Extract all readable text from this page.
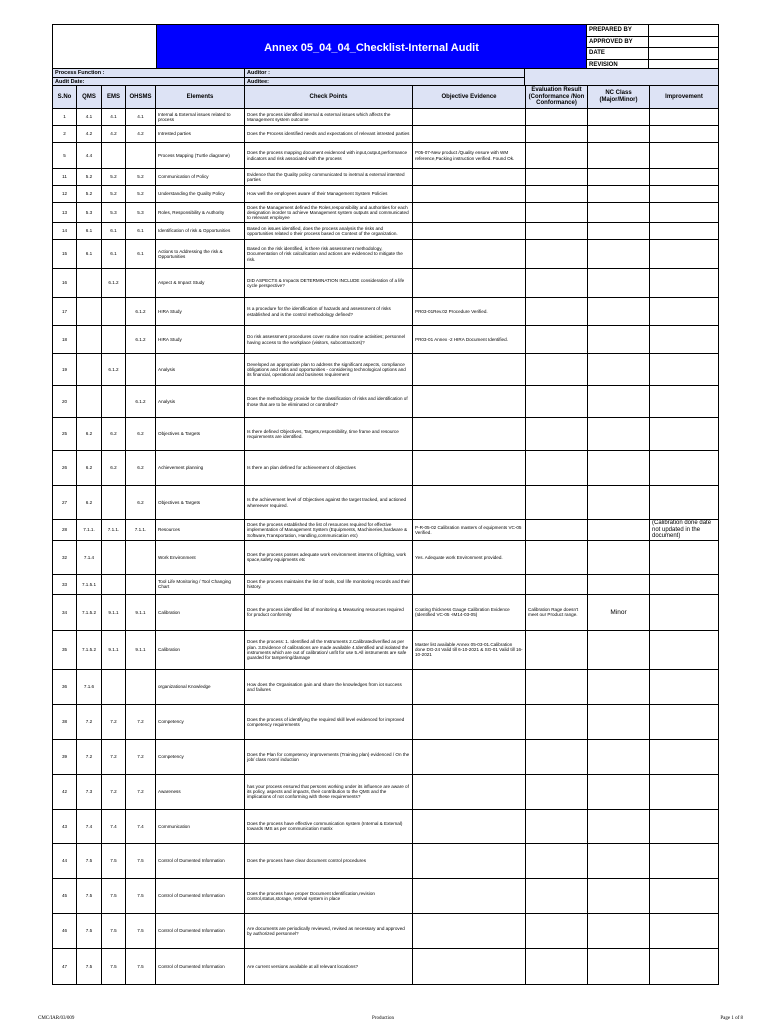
	Annex 05_04_04_Checklist-Internal Audit	PREPARED BY	
		APPROVED BY	
		DATE	
		REVISION	
Process Function :	Auditor :	
Audit Date:	Auditee:	
S.No	QMS	EMS	OHSMS	Elements	Check Points	Objective Evidence	Evaluation Result (Conformance /Non Conformance)	NC Class (Major/Minor)	Improvement
1	4.1	4.1	4.1	Internal & External issues related to process	Does the process identified internal & external issues which affects the Management system outcome				
2	4.2	4.2	4.2	Intrested parties	Does the Process identified needs and expectations of relevant intrested parties				
5	4.4			Process Mapping (Turtle diagrame)	Does the process mapping document evidenced with input,output,performance indicators and risk associated with the process	P05-07-New product /Quality ensure with WM reference,Packing instruction verified. Found Ok.			
11	5.2	5.2	5.2	Communication of Policy	Evidence that the Quality policy communicated to inetrnal & external intersted parties				
12	5.2	5.2	5.2	Understanding the Quality Policy	How well the employees aware of their Management System Policies				
13	5.3	5.3	5.3	Roles, Responsibility & Authority	Does the Management defined the Roles,responsibility and authorities for each designation inorder to achieve Management system outputs and communicated to relevant employee				
14	6.1	6.1	6.1	Identification of risk & Opportunities	Based on issues identified, does the process analysis the risks and opportunities related o their process based on Context of the organization.				
15	6.1	6.1	6.1	Actions to Addressing the risk & Opportunities	Based on the risk identified, is there risk assessment methodology, Documentation of risk calcullcation and actions are evidenced to mitigate the risk.				
16		6.1.2		Aspect & Impact Study	DID ASPECTS & Impacts DETERMINATION INCLUDE consideration of a life cycle perspective?				
17			6.1.2	HIRA Study	Is a procedure for the identification of hazards and assessment of risks established and is the control methodology defined?	PR03-01Rev.02 Procedure Verified.			
18			6.1.2	HIRA Study	Do risk assessment procedures cover routine non routine activities; personnel having access to the workplace (visitors, subcontractors)?	PR03-01 Annex -2 HIRA Document Identified.			
19		6.1.2		Analysis	Developed an appropriate plan to address the significant aspects, compliance obligations and risks and opportunities - considering technological options and its financial, operational and business requirement				
20			6.1.2	Analysis	Does the methodology provide for the classification of risks and identification of those that are to be eliminated or controlled?				
25	6.2	6.2	6.2	Objectives & Targets	Is there defined Objectives, Targets,responsibility, time frame and resource requirements are identified.				
26	6.2	6.2	6.2	Achievement planning	Is there an plan defined for achievement of objectives				
27	6.2		6.2	Objectives & Targets	Is the achievement level of Objectives against the target tracked, and actioned whereever required.				
28	7.1.1.	7.1.1.	7.1.1.	Resources	Does the process established the list of resources required for effective implementation of Management System (Equipments, Machineries,hardware & Software,Transportation, Handling,communication etc)	P-R-05-02 Calibration masters of equipments VC-05 Verified.			(Calibration done date not updated in the document)
32	7.1.4			Work Environment	Does the process posses adequate work environment interms of lighting, work space,safety equipments etc	Yes. Adequate work Environment provided.			
33	7.1.5.1			Tool Life Monitoring / Tool Changing Chart	Does the process maintains the list of tools, tool life monitoring records and their history.				
34	7.1.5.2	9.1.1	9.1.1	Calibration	Does the process identified list of monitoring & Measuring resources required for product conformity	Coating thickness Gauge Calibration Evidence (Identified VC-05 -IM14-03-05)	Calibration Rage doesn't meet our Product range.	Minor	
35	7.1.5.2	9.1.1	9.1.1	Calibration	Does the process: 1. Identified all the Instruments 2.Calibrated/verified as per plan. 3.Evidence of calibrations are made available 4.Identified and isolated the instruments which are out of calibration/ unfit for use 5.All instruments are safe guarded for tampering/damage	Master list available Annex 05-03-01.Calibration done DG-24 Valid till 6-10-2021 & SG-01 Valid till 16-10-2021			
36	7.1.6			organizational Knowledge	How does the Organisation gain and share the knowledges from iot success and failures				
38	7.2	7.2	7.2	Competency	Does the process of identifying the required skill level evidenced for improved competency requirements				
39	7.2	7.2	7.2	Competency	Does the Plan for competency improvements (Training plan) evidenced / On the job/ class room/ induction				
42	7.3	7.2	7.2	Awareness	has your process ensured that persons working under its influence are aware of its policy, aspects and impacts, their contribution to the QMS and the implications of not conforming with these requirements?				
43	7.4	7.4	7.4	Communication	Does the process have effective communication system (Internal & External) towards IMS as per communication matrix				
44	7.5	7.5	7.5	Control of Dumented Information	Does the process have clear document control procedures				
45	7.5	7.5	7.5	Control of Dumented Information	Does the process have proper Document Identification,revision control,status,storage, retrival system in place				
46	7.5	7.5	7.5	Control of Dumented Information	Are documents are periodically reviewed, revised as necessary and approved by authorized personnel?				
47	7.5	7.5	7.5	Control of Dumented Information	Are current versions available at all relevant locations?				
CMC/IAR/03/009	Production	Page 1 of 8
